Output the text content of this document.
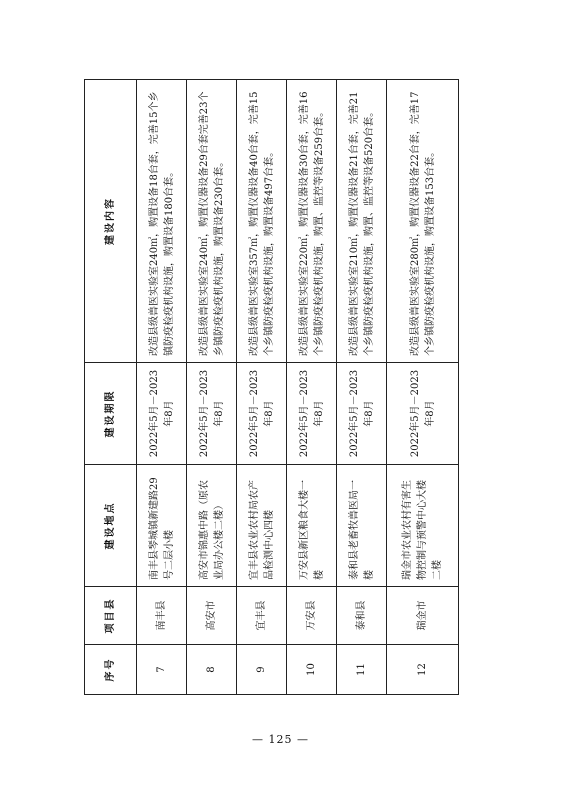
序号	项目县	建设地点	建设期限	建设内容
7	南丰县	南丰县琴城镇新建路29号二层小楼	2022年5月－2023年8月	改造县级兽医实验室240㎡，购置设备18台套，完善15个乡镇防疫检疫机构设施，购置设备180台套。
8	高安市	高安市锦惠中路（原农业局办公楼二楼）	2022年5月－2023年8月	改造县级兽医实验室240㎡，购置仪器设备29台套完善23个乡镇防疫检疫机构设施，购置设备230台套。
9	宜丰县	宜丰县农业农村局农产品检测中心四楼	2022年5月－2023年8月	改造县级兽医实验室357㎡，购置仪器设备40台套，完善15个乡镇防疫检疫机构设施，购置设备497台套。
10	万安县	万安县新区粮食大楼一楼	2022年5月－2023年8月	改造县级兽医实验室220㎡，购置仪器设备30台套，完善16个乡镇防疫检疫机构设施，购置、监控等设备259台套。
11	泰和县	泰和县老畜牧兽医局一楼	2022年5月－2023年8月	改造县级兽医实验室210㎡，购置仪器设备21台套，完善21个乡镇防疫检疫机构设施，购置、监控等设备520台套。
12	瑞金市	瑞金市农业农村有害生物控制与预警中心大楼二楼	2022年5月－2023年8月	改造县级兽医实验室280㎡，购置仪器设备22台套，完善17个乡镇防疫检疫机构设施，购置设备153台套。
— 125 —
